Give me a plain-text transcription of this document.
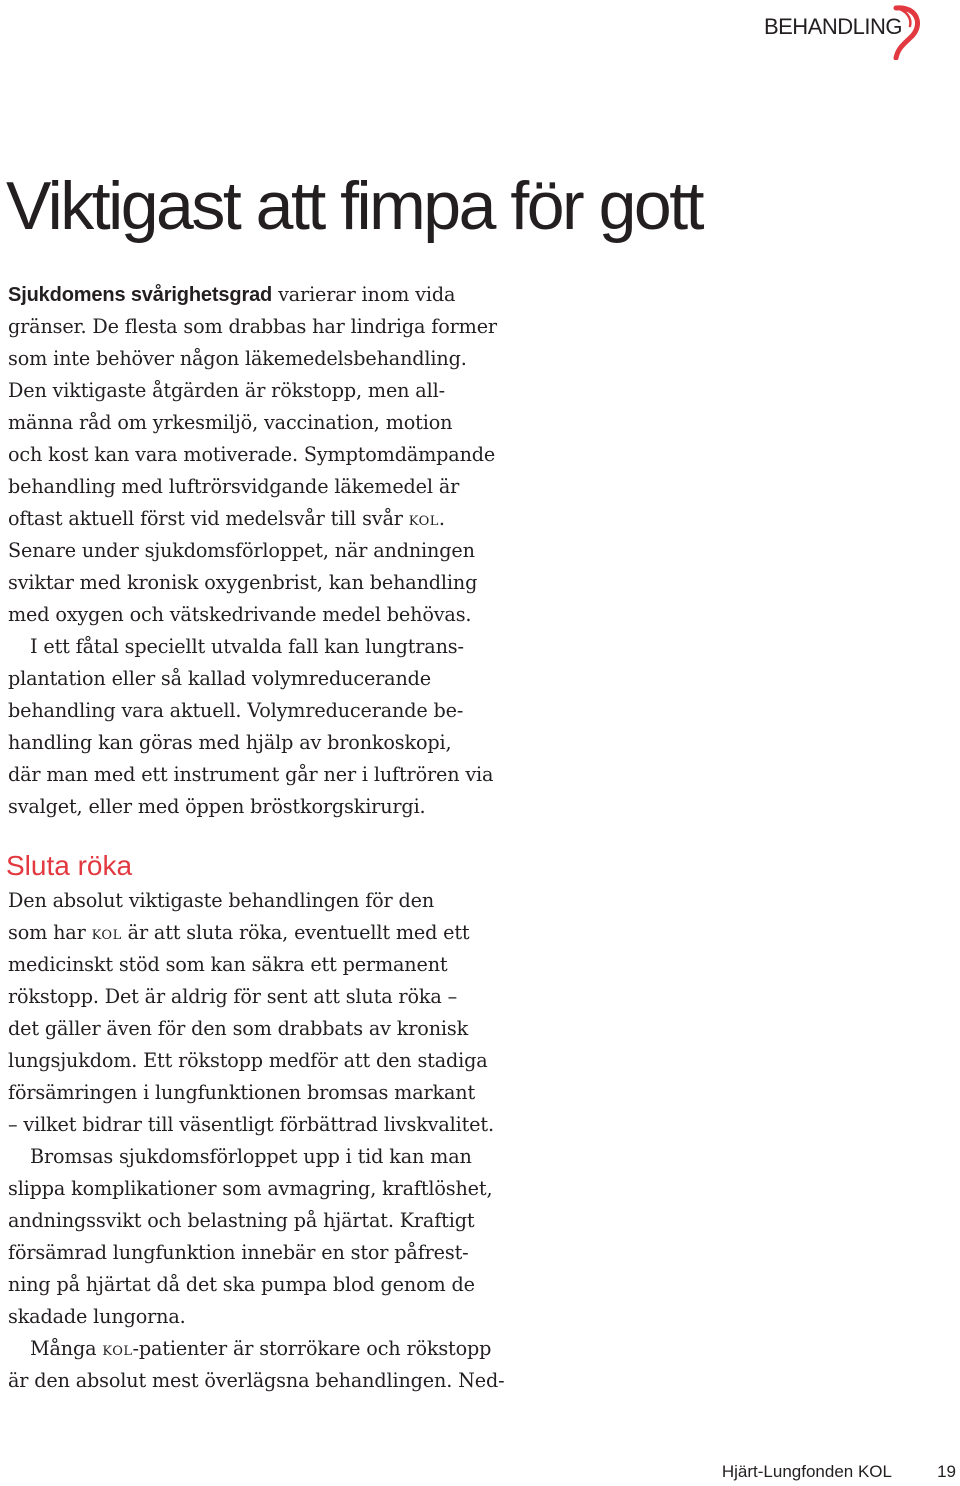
BEHANDLING
Viktigast att fimpa för gott
Sjukdomens svårighetsgrad varierar inom vida
gränser. De flesta som drabbas har lindriga former
som inte behöver någon läkemedelsbehandling.
Den viktigaste åtgärden är rökstopp, men all-
männa råd om yrkesmiljö, vaccination, motion
och kost kan vara motiverade. Symptomdämpande
behandling med luftrörsvidgande läkemedel är
oftast aktuell först vid medelsvår till svår kol.
Senare under sjukdomsförloppet, när andningen
sviktar med kronisk oxygenbrist, kan behandling
med oxygen och vätskedrivande medel behövas.
I ett fåtal speciellt utvalda fall kan lungtrans-
plantation eller så kallad volymreducerande
behandling vara aktuell. Volymreducerande be-
handling kan göras med hjälp av bronkoskopi,
där man med ett instrument går ner i luftrören via
svalget, eller med öppen bröstkorgskirurgi.
Sluta röka
Den absolut viktigaste behandlingen för den
som har kol är att sluta röka, eventuellt med ett
medicinskt stöd som kan säkra ett permanent
rökstopp. Det är aldrig för sent att sluta röka –
det gäller även för den som drabbats av kronisk
lungsjukdom. Ett rökstopp medför att den stadiga
försämringen i lungfunktionen bromsas markant
– vilket bidrar till väsentligt förbättrad livskvalitet.
Bromsas sjukdomsförloppet upp i tid kan man
slippa komplikationer som avmagring, kraftlöshet,
andningssvikt och belastning på hjärtat. Kraftigt
försämrad lungfunktion innebär en stor påfrest-
ning på hjärtat då det ska pumpa blod genom de
skadade lungorna.
Många kol-patienter är storrökare och rökstopp
är den absolut mest överlägsna behandlingen. Ned-
Hjärt-Lungfonden KOL	19
